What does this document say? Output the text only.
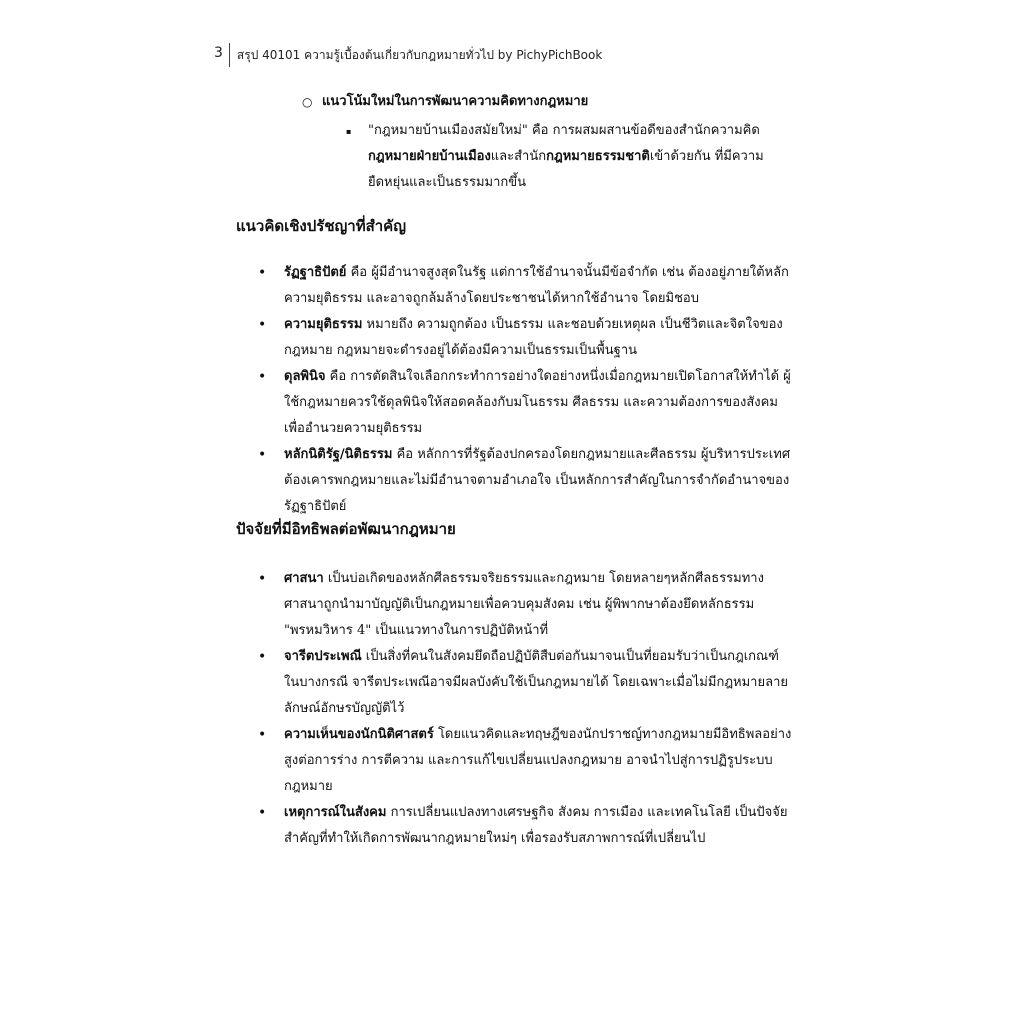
3	สรุป 40101 ความรู้เบื้องต้นเกี่ยวกับกฎหมายทั่วไป by PichyPichBook
○ แนวโน้มใหม่ในการพัฒนาความคิดทางกฎหมาย
▪	"กฎหมายบ้านเมืองสมัยใหม่" คือ การผสมผสานข้อดีของสำนักความคิดกฎหมายฝ่ายบ้านเมืองและสำนักกฎหมายธรรมชาติเข้าด้วยกัน ที่มีความยืดหยุ่นและเป็นธรรมมากขึ้น
แนวคิดเชิงปรัชญาที่สำคัญ
•	รัฏฐาธิปัตย์ คือ ผู้มีอำนาจสูงสุดในรัฐ แต่การใช้อำนาจนั้นมีข้อจำกัด เช่น ต้องอยู่ภายใต้หลักความยุติธรรม และอาจถูกล้มล้างโดยประชาชนได้หากใช้อำนาจ โดยมิชอบ
•	ความยุติธรรม หมายถึง ความถูกต้อง เป็นธรรม และชอบด้วยเหตุผล เป็นชีวิตและจิตใจของกฎหมาย กฎหมายจะดำรงอยู่ได้ต้องมีความเป็นธรรมเป็นพื้นฐาน
•	ดุลพินิจ คือ การตัดสินใจเลือกกระทำการอย่างใดอย่างหนึ่งเมื่อกฎหมายเปิดโอกาสให้ทำได้ ผู้ใช้กฎหมายควรใช้ดุลพินิจให้สอดคล้องกับมโนธรรม ศีลธรรม และความต้องการของสังคม เพื่ออำนวยความยุติธรรม
•	หลักนิติรัฐ/นิติธรรม คือ หลักการที่รัฐต้องปกครองโดยกฎหมายและศีลธรรม ผู้บริหารประเทศต้องเคารพกฎหมายและไม่มีอำนาจตามอำเภอใจ เป็นหลักการสำคัญในการจำกัดอำนาจของรัฏฐาธิปัตย์
ปัจจัยที่มีอิทธิพลต่อพัฒนากฎหมาย
•	ศาสนา เป็นบ่อเกิดของหลักศีลธรรมจริยธรรมและกฎหมาย โดยหลายๆหลักศีลธรรมทางศาสนาถูกนำมาบัญญัติเป็นกฎหมายเพื่อควบคุมสังคม เช่น ผู้พิพากษาต้องยึดหลักธรรม "พรหมวิหาร 4" เป็นแนวทางในการปฏิบัติหน้าที่
•	จารีตประเพณี เป็นสิ่งที่คนในสังคมยึดถือปฏิบัติสืบต่อกันมาจนเป็นที่ยอมรับว่าเป็นกฎเกณฑ์ ในบางกรณี จารีตประเพณีอาจมีผลบังคับใช้เป็นกฎหมายได้ โดยเฉพาะเมื่อไม่มีกฎหมายลายลักษณ์อักษรบัญญัติไว้
•	ความเห็นของนักนิติศาสตร์ โดยแนวคิดและทฤษฎีของนักปราชญ์ทางกฎหมายมีอิทธิพลอย่างสูงต่อการร่าง การตีความ และการแก้ไขเปลี่ยนแปลงกฎหมาย อาจนำไปสู่การปฏิรูประบบกฎหมาย
•	เหตุการณ์ในสังคม การเปลี่ยนแปลงทางเศรษฐกิจ สังคม การเมือง และเทคโนโลยี เป็นปัจจัยสำคัญที่ทำให้เกิดการพัฒนากฎหมายใหม่ๆ เพื่อรองรับสภาพการณ์ที่เปลี่ยนไป
